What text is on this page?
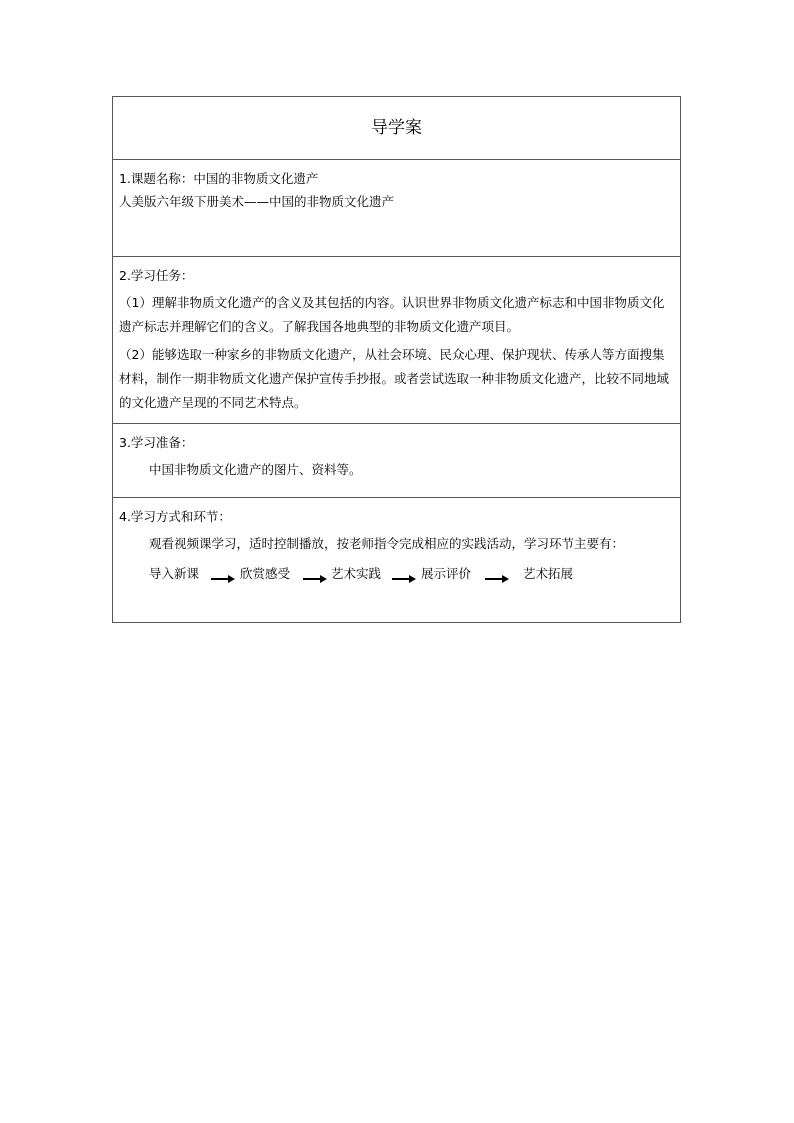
导学案

1.课题名称：中国的非物质文化遗产
人美版六年级下册美术——中国的非物质文化遗产

2.学习任务：
（1）理解非物质文化遗产的含义及其包括的内容。认识世界非物质文化遗产标志和中国非物质文化遗产标志并理解它们的含义。了解我国各地典型的非物质文化遗产项目。
（2）能够选取一种家乡的非物质文化遗产，从社会环境、民众心理、保护现状、传承人等方面搜集材料，制作一期非物质文化遗产保护宣传手抄报。或者尝试选取一种非物质文化遗产，比较不同地域的文化遗产呈现的不同艺术特点。

3.学习准备：
中国非物质文化遗产的图片、资料等。

4.学习方式和环节：
观看视频课学习，适时控制播放，按老师指令完成相应的实践活动，学习环节主要有：
导入新课	欣赏感受	艺术实践	展示评价	艺术拓展
